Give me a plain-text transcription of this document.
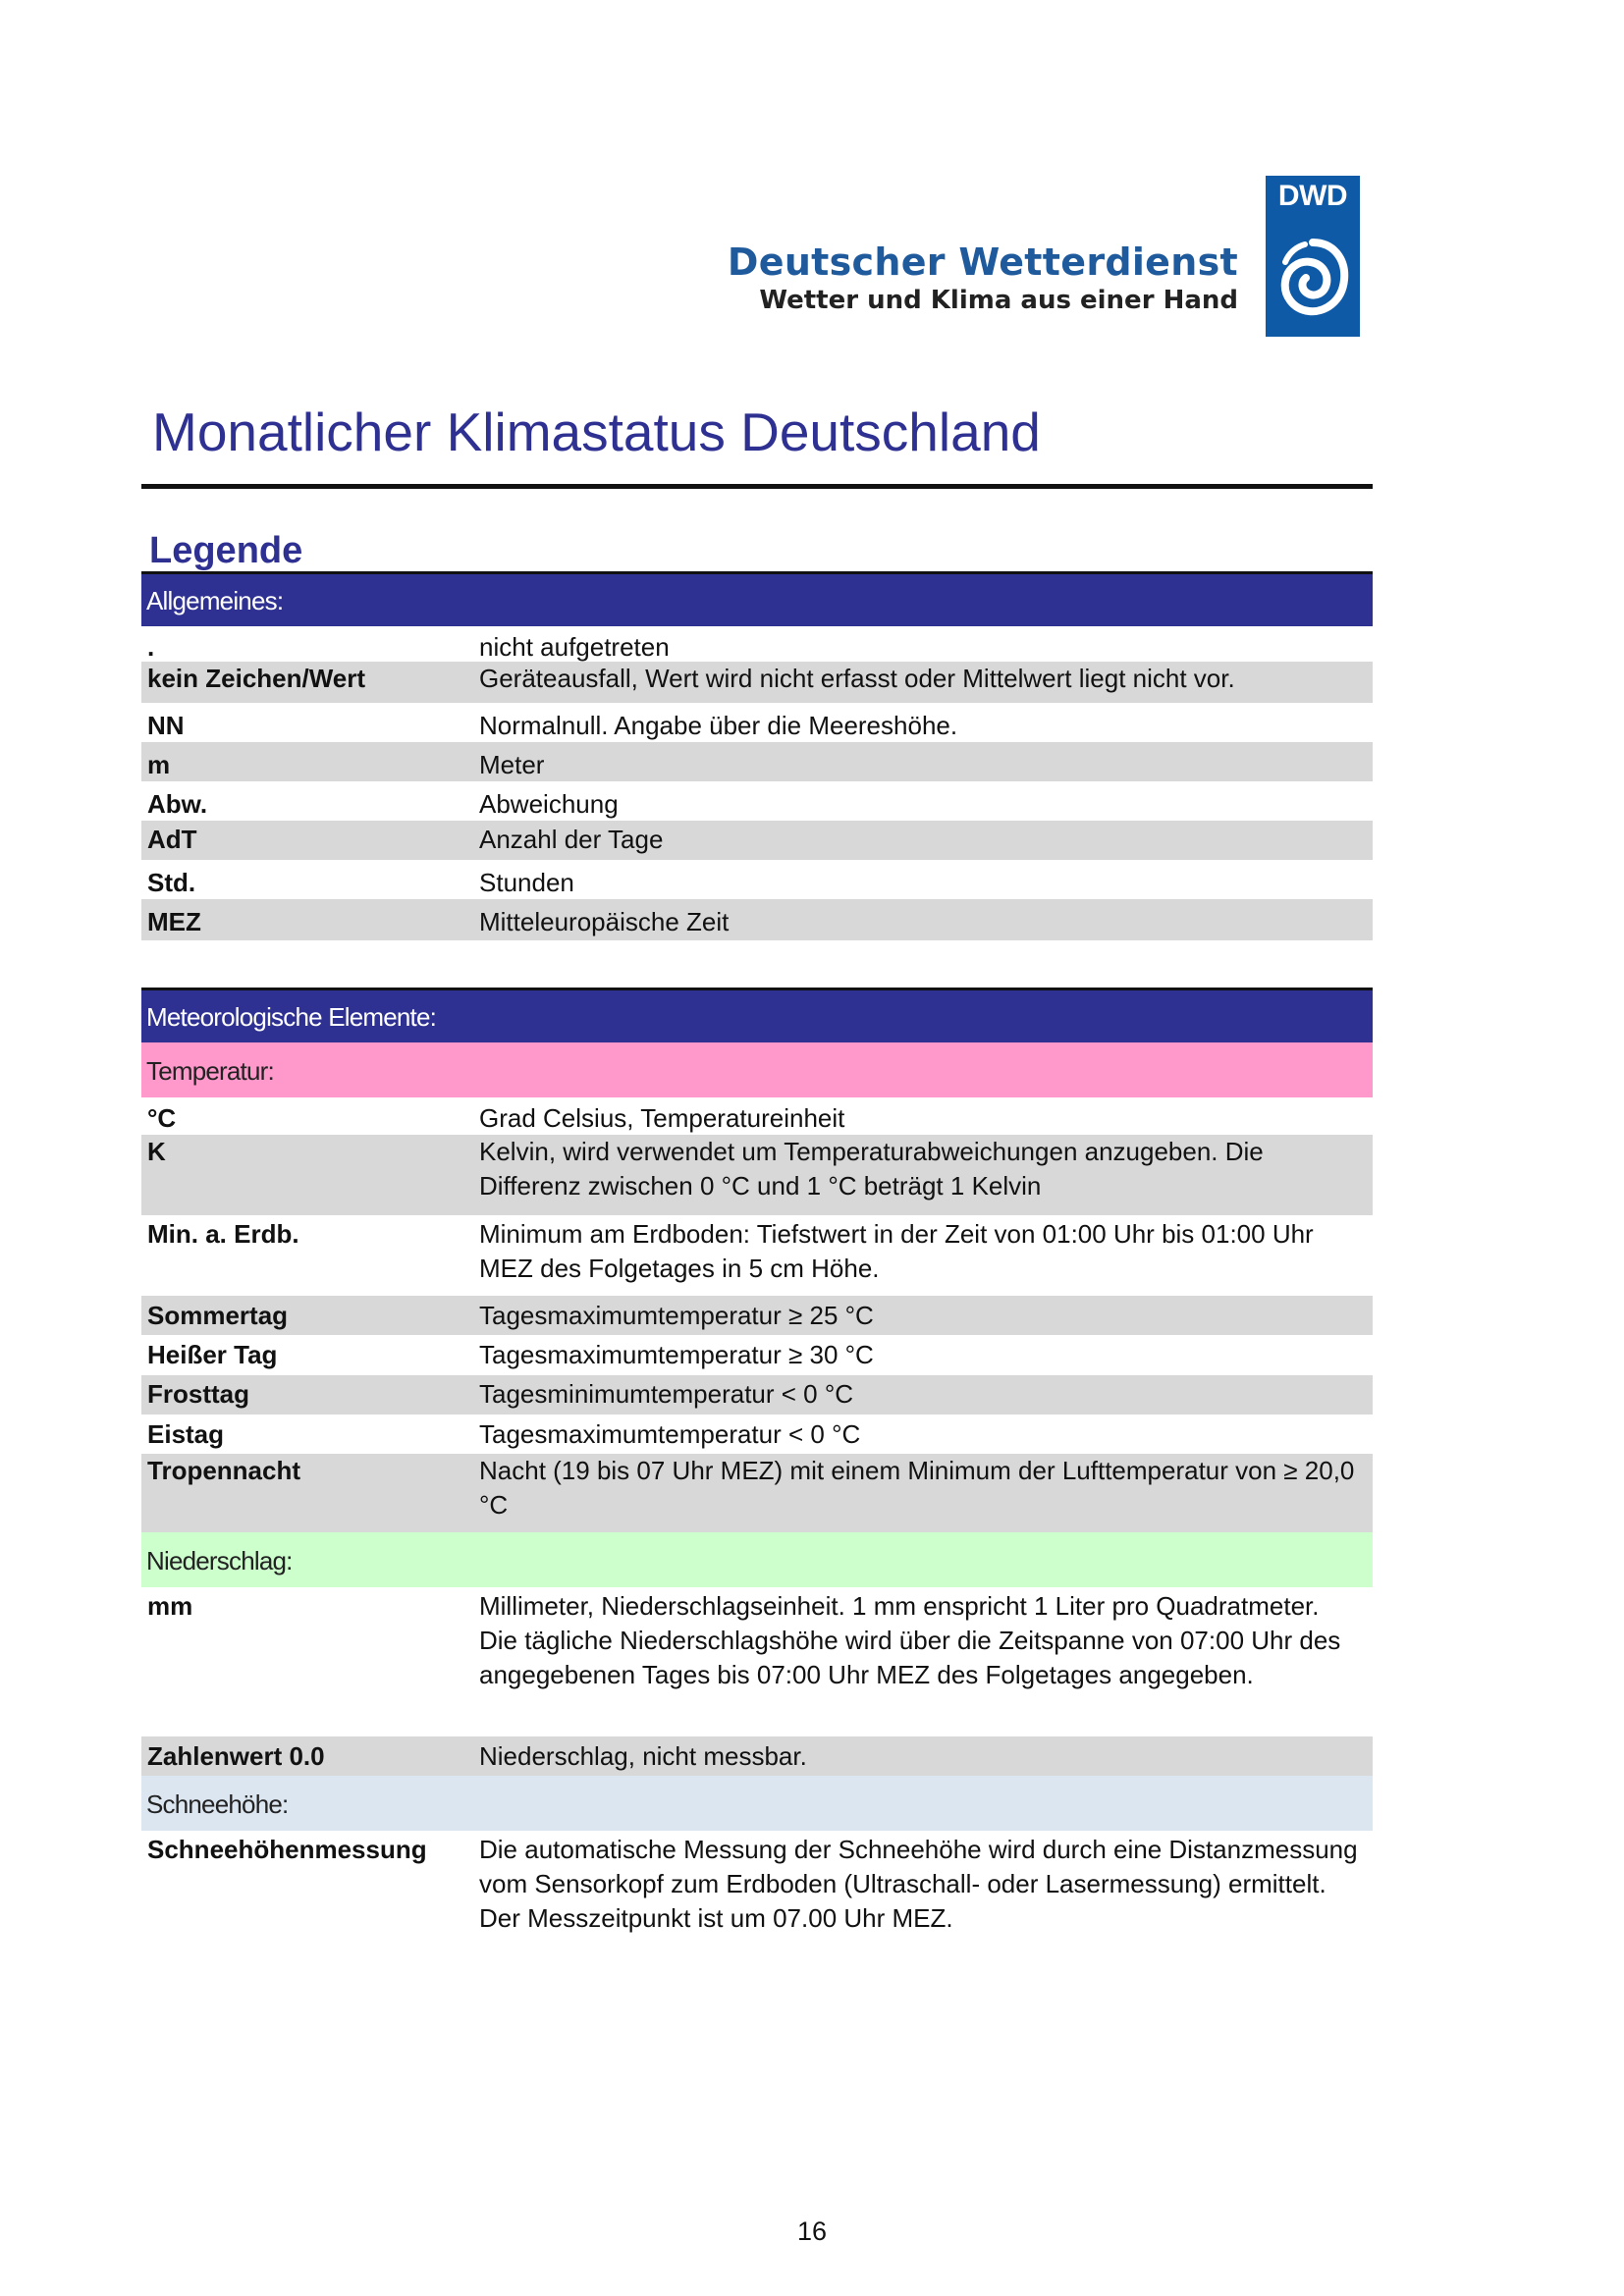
Deutscher Wetterdienst
Wetter und Klima aus einer Hand
DWD
Monatlicher Klimastatus Deutschland
Legende
Allgemeines:
.	nicht aufgetreten
kein Zeichen/Wert	Geräteausfall, Wert wird nicht erfasst oder Mittelwert liegt nicht vor.
NN	Normalnull. Angabe über die Meereshöhe.
m	Meter
Abw.	Abweichung
AdT	Anzahl der Tage
Std.	Stunden
MEZ	Mitteleuropäische Zeit
Meteorologische Elemente:
Temperatur:
°C	Grad Celsius, Temperatureinheit
K	Kelvin, wird verwendet um Temperaturabweichungen anzugeben. Die Differenz zwischen 0 °C und 1 °C beträgt 1 Kelvin
Min. a. Erdb.	Minimum am Erdboden: Tiefstwert in der Zeit von 01:00 Uhr bis 01:00 Uhr MEZ des Folgetages in 5 cm Höhe.
Sommertag	Tagesmaximumtemperatur ≥ 25 °C
Heißer Tag	Tagesmaximumtemperatur ≥ 30 °C
Frosttag	Tagesminimumtemperatur < 0 °C
Eistag	Tagesmaximumtemperatur < 0 °C
Tropennacht	Nacht (19 bis 07 Uhr MEZ) mit einem Minimum der Lufttemperatur von ≥ 20,0 °C
Niederschlag:
mm	Millimeter, Niederschlagseinheit. 1 mm enspricht 1 Liter pro Quadratmeter. Die tägliche Niederschlagshöhe wird über die Zeitspanne von 07:00 Uhr des angegebenen Tages bis 07:00 Uhr MEZ des Folgetages angegeben.
Zahlenwert 0.0	Niederschlag, nicht messbar.
Schneehöhe:
Schneehöhenmessung	Die automatische Messung der Schneehöhe wird durch eine Distanzmessung vom Sensorkopf zum Erdboden (Ultraschall- oder Lasermessung) ermittelt.
Der Messzeitpunkt ist um 07.00 Uhr MEZ.
16
